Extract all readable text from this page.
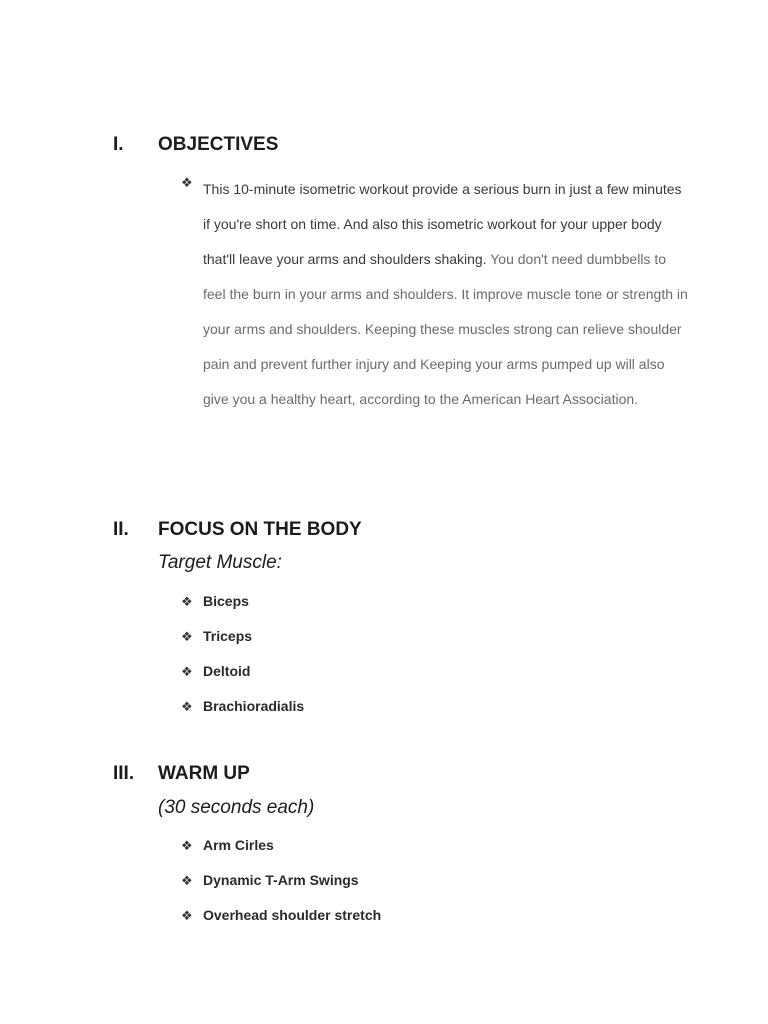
I. OBJECTIVES
❖ This 10-minute isometric workout provide a serious burn in just a few minutes if you're short on time. And also this isometric workout for your upper body that'll leave your arms and shoulders shaking. You don't need dumbbells to feel the burn in your arms and shoulders. It improve muscle tone or strength in your arms and shoulders. Keeping these muscles strong can relieve shoulder pain and prevent further injury and Keeping your arms pumped up will also give you a healthy heart, according to the American Heart Association.

II. FOCUS ON THE BODY
Target Muscle:
❖ Biceps
❖ Triceps
❖ Deltoid
❖ Brachioradialis
III. WARM UP
(30 seconds each)
❖ Arm Cirles
❖ Dynamic T-Arm Swings
❖ Overhead shoulder stretch
